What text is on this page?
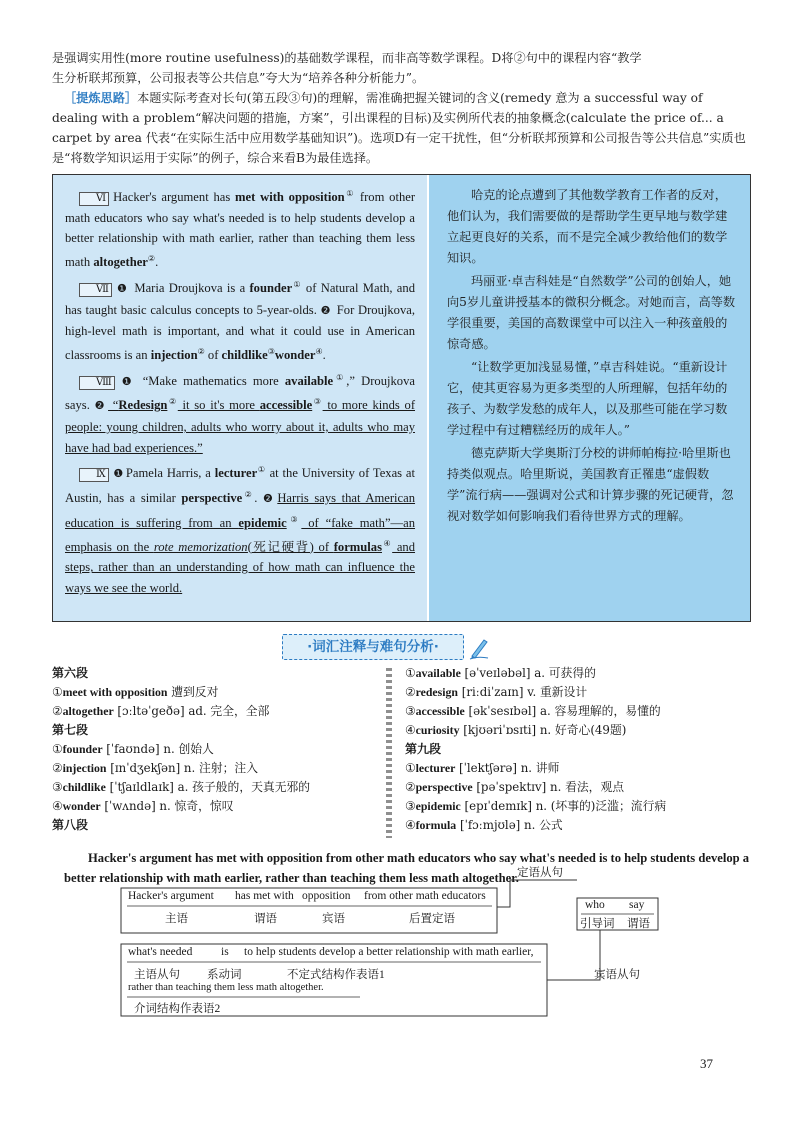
是强调实用性(more routine usefulness)的基础数学课程，而非高等数学课程。D将②句中的课程内容“教学

生分析联邦预算，公司报表等公共信息”夸大为“培养各种分析能力”。

［提炼思路］本题实际考查对长句(第五段③句)的理解，需准确把握关键词的含义(remedy 意为 a successful way of dealing with a problem“解决问题的措施，方案”，引出课程的目标)及实例所代表的抽象概念(calculate the price of... a carpet by area 代表“在实际生活中应用数学基础知识”)。选项D有一定干扰性，但“分析联邦预算和公司报告等公共信息”实质也是“将数学知识运用于实际”的例子，综合来看B为最佳选择。

Ⅵ Hacker's argument has met with opposition① from other math educators who say what's needed is to help students develop a better relationship with math earlier, rather than teaching them less math altogether②.

Ⅶ ❶ Maria Droujkova is a founder① of Natural Math, and has taught basic calculus concepts to 5-year-olds. ❷ For Droujkova, high-level math is important, and what it could use in American classrooms is an injection② of childlike③wonder④.

Ⅷ ❶ “Make mathematics more available①,” Droujkova says. ❷ “Redesign② it so it's more accessible③ to more kinds of people: young children, adults who worry about it, adults who may have had bad experiences.”

Ⅸ ❶ Pamela Harris, a lecturer① at the University of Texas at Austin, has a similar perspective②. ❷ Harris says that American education is suffering from an epidemic③ of “fake math”—an emphasis on the rote memorization(死记硬背) of formulas④ and steps, rather than an understanding of how math can influence the ways we see the world.

哈克的论点遭到了其他数学教育工作者的反对，他们认为，我们需要做的是帮助学生更早地与数学建立起更良好的关系，而不是完全减少教给他们的数学知识。

玛丽亚·卓吉科娃是“自然数学”公司的创始人，她向5岁儿童讲授基本的微积分概念。对她而言，高等数学很重要，美国的高数课堂中可以注入一种孩童般的惊奇感。

“让数学更加浅显易懂，”卓吉科娃说。“重新设计它，使其更容易为更多类型的人所理解，包括年幼的孩子、为数学发愁的成年人，以及那些可能在学习数学过程中有过糟糕经历的成年人。”

德克萨斯大学奥斯汀分校的讲师帕梅拉·哈里斯也持类似观点。哈里斯说，美国教育正罹患“虚假数学”流行病——强调对公式和计算步骤的死记硬背，忽视对数学如何影响我们看待世界方式的理解。

·词汇注释与难句分析·
第六段
①meet with opposition 遭到反对
②altogether [ɔːltəˈgeðə] ad. 完全，全部
第七段
①founder [ˈfaʊndə] n. 创始人
②injection [ɪnˈdʒekʃən] n. 注射；注入
③childlike [ˈtʃaɪldlaɪk] a. 孩子般的，天真无邪的
④wonder [ˈwʌndə] n. 惊奇，惊叹
第八段
①available [əˈveɪləbəl] a. 可获得的
②redesign [riːdiˈzaɪn] v. 重新设计
③accessible [əkˈsesɪbəl] a. 容易理解的，易懂的
④curiosity [kjʊəriˈɒsɪti] n. 好奇心(49题)
第九段
①lecturer [ˈlektʃərə] n. 讲师
②perspective [pəˈspektɪv] n. 看法，观点
③epidemic [epɪˈdemɪk] n. (坏事的)泛滥；流行病
④formula [ˈfɔːmjʊlə] n. 公式
Hacker's argument has met with opposition from other math educators who say what's needed is to help students develop a better relationship with math earlier, rather than teaching them less math altogether.
Hacker's argument has met with opposition from other math educators
主语	谓语	宾语	后置定语
定语从句
who say
引导词 谓语
宾语从句
what's needed is to help students develop a better relationship with math earlier,
主语从句 系动词	不定式结构作表语1
rather than teaching them less math altogether.
介词结构作表语2
37
